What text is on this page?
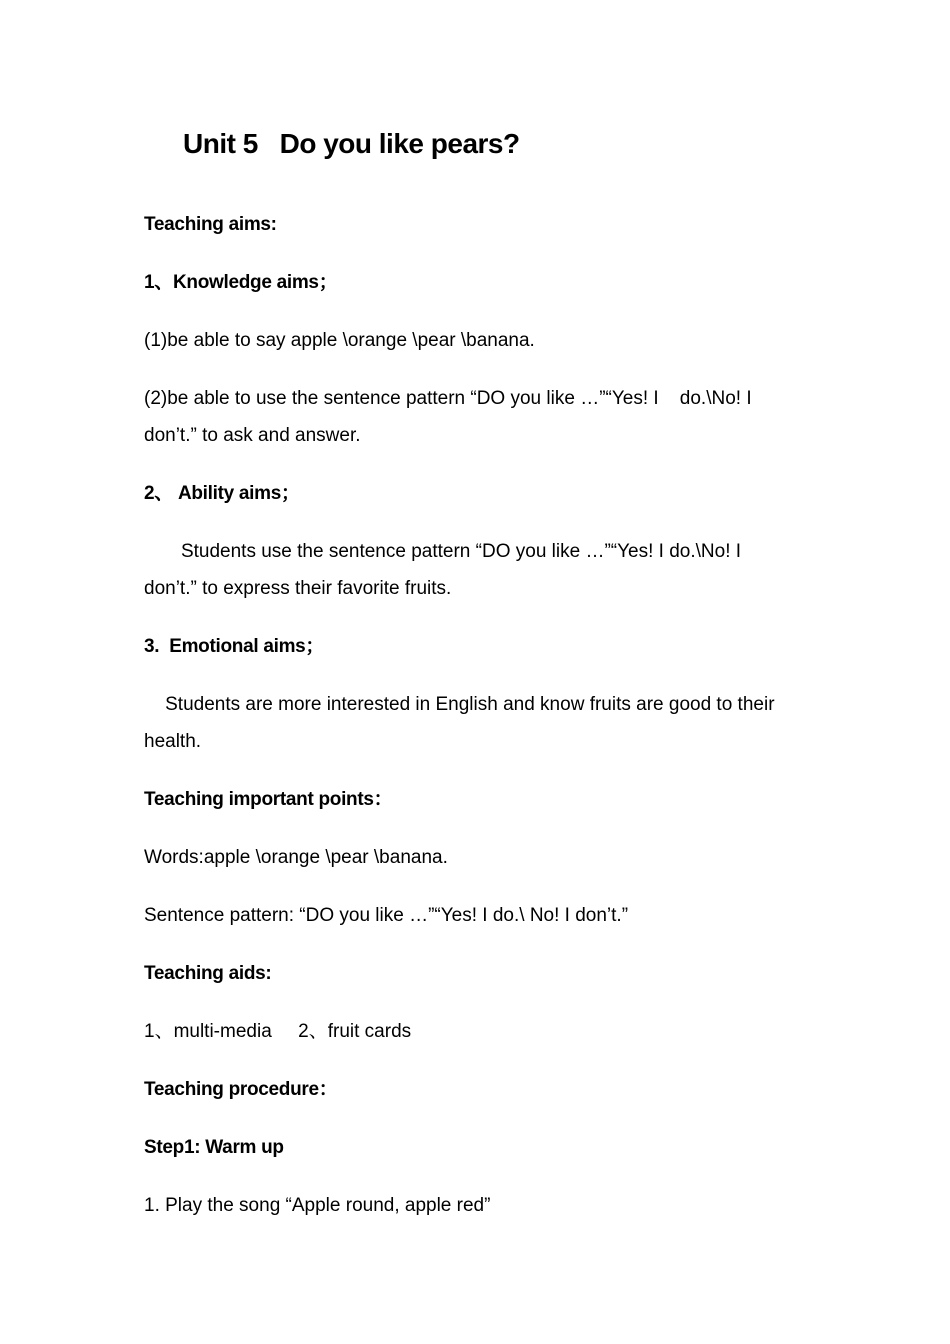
Unit 5   Do you like pears?
Teaching aims:
1、Knowledge aims；
(1)be able to say apple \orange \pear \banana.
(2)be able to use the sentence pattern “DO you like …”“Yes! I    do.\No! I
don’t.” to ask and answer.
2、 Ability aims；
Students use the sentence pattern “DO you like …”“Yes! I do.\No! I
don’t.” to express their favorite fruits.
3.  Emotional aims；
Students are more interested in English and know fruits are good to their
health.
Teaching important points：
Words:apple \orange \pear \banana.
Sentence pattern: “DO you like …”“Yes! I do.\ No! I don’t.”
Teaching aids:
1、multi-media     2、fruit cards
Teaching procedure：
Step1: Warm up
1. Play the song “Apple round, apple red”
